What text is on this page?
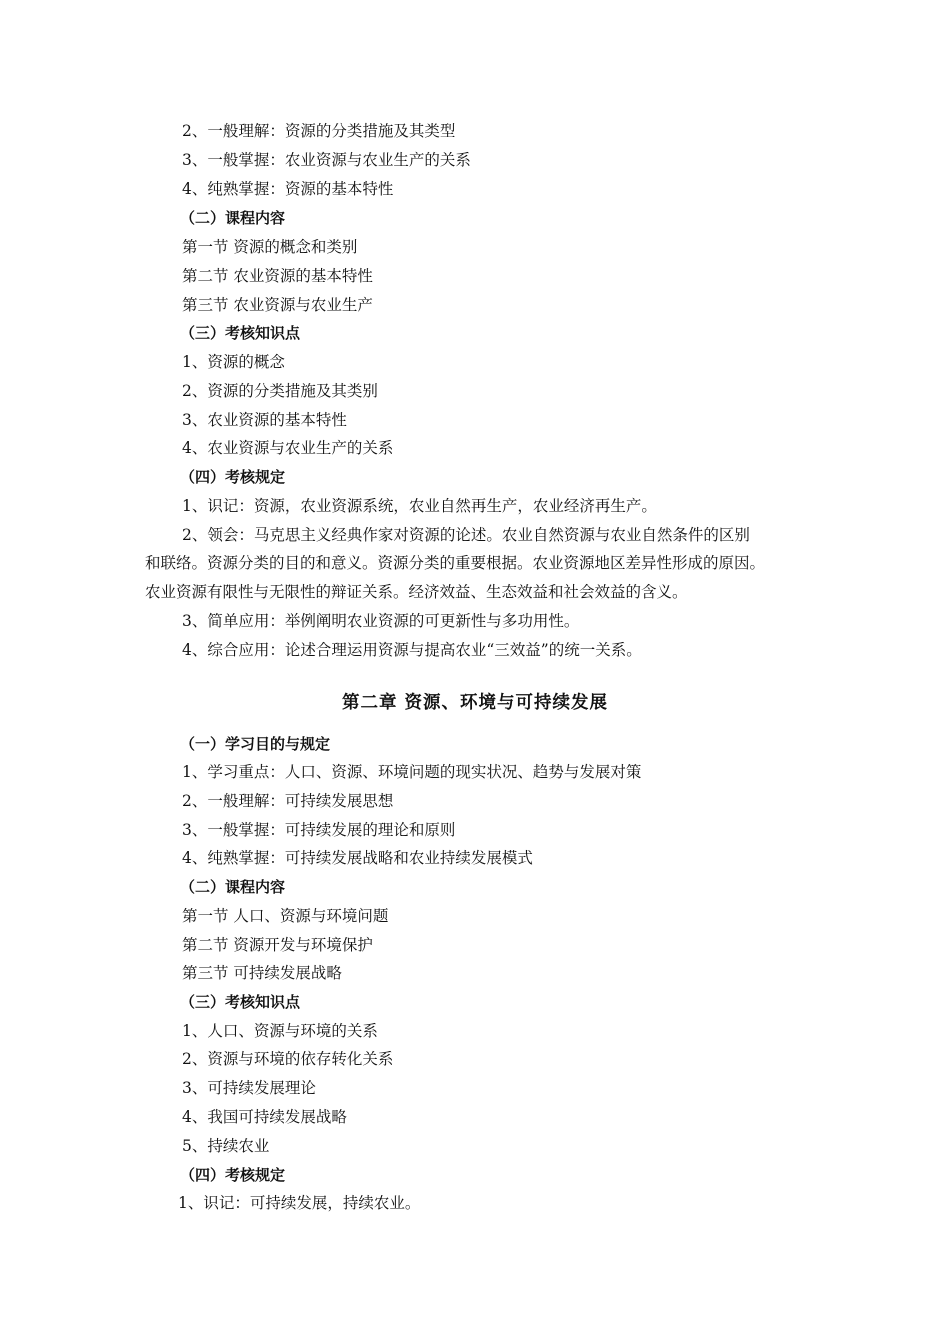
2、一般理解：资源的分类措施及其类型
3、一般掌握：农业资源与农业生产的关系
4、纯熟掌握：资源的基本特性
（二）课程内容
第一节 资源的概念和类别
第二节 农业资源的基本特性
第三节 农业资源与农业生产
（三）考核知识点
1、资源的概念
2、资源的分类措施及其类别
3、农业资源的基本特性
4、农业资源与农业生产的关系
（四）考核规定
1、识记：资源，农业资源系统，农业自然再生产，农业经济再生产。
2、领会：马克思主义经典作家对资源的论述。农业自然资源与农业自然条件的区别
和联络。资源分类的目的和意义。资源分类的重要根据。农业资源地区差异性形成的原因。
农业资源有限性与无限性的辩证关系。经济效益、生态效益和社会效益的含义。
3、简单应用：举例阐明农业资源的可更新性与多功用性。
4、综合应用：论述合理运用资源与提高农业“三效益”的统一关系。
第二章 资源、环境与可持续发展
（一）学习目的与规定
1、学习重点：人口、资源、环境问题的现实状况、趋势与发展对策
2、一般理解：可持续发展思想
3、一般掌握：可持续发展的理论和原则
4、纯熟掌握：可持续发展战略和农业持续发展模式
（二）课程内容
第一节 人口、资源与环境问题
第二节 资源开发与环境保护
第三节 可持续发展战略
（三）考核知识点
1、人口、资源与环境的关系
2、资源与环境的依存转化关系
3、可持续发展理论
4、我国可持续发展战略
5、持续农业
（四）考核规定
1、识记：可持续发展，持续农业。
